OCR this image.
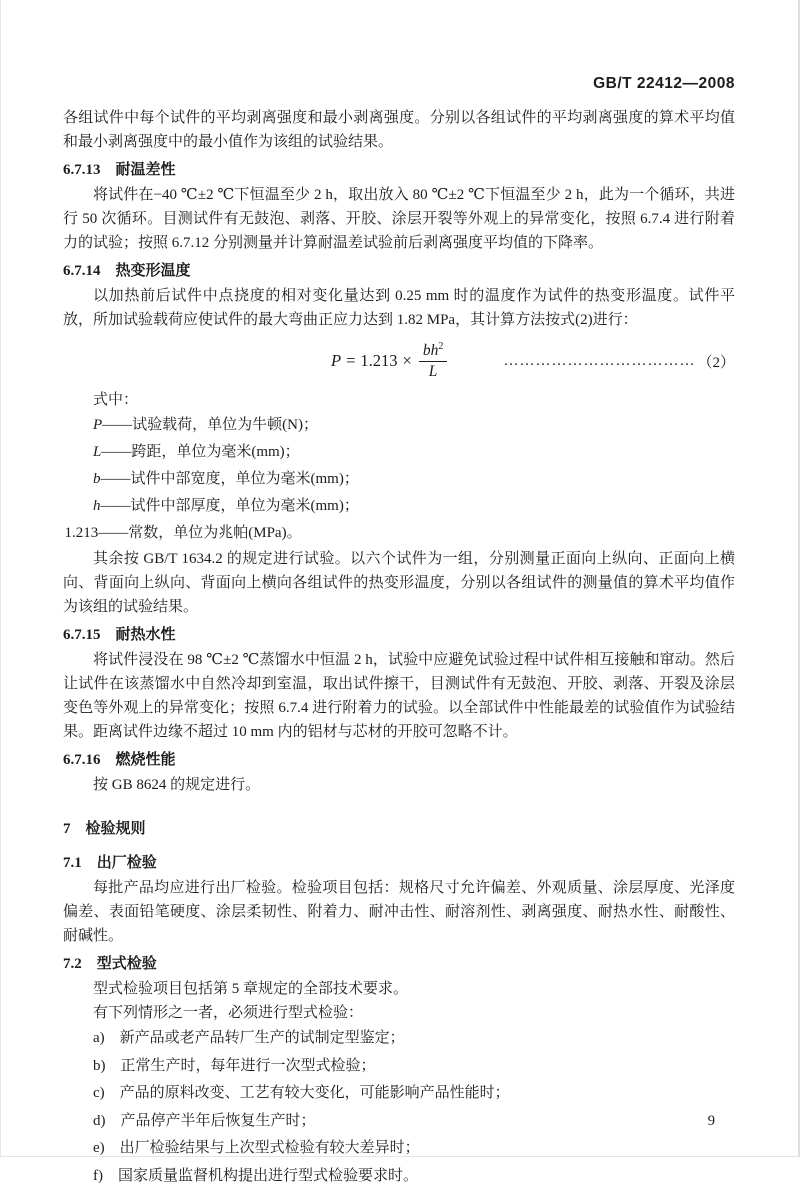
GB/T 22412—2008

各组试件中每个试件的平均剥离强度和最小剥离强度。分别以各组试件的平均剥离强度的算术平均值和最小剥离强度中的最小值作为该组的试验结果。

6.7.13　耐温差性

将试件在−40 ℃±2 ℃下恒温至少 2 h，取出放入 80 ℃±2 ℃下恒温至少 2 h，此为一个循环，共进行 50 次循环。目测试件有无鼓泡、剥落、开胶、涂层开裂等外观上的异常变化，按照 6.7.4 进行附着力的试验；按照 6.7.12 分别测量并计算耐温差试验前后剥离强度平均值的下降率。

6.7.14　热变形温度

以加热前后试件中点挠度的相对变化量达到 0.25 mm 时的温度作为试件的热变形温度。试件平放，所加试验载荷应使试件的最大弯曲正应力达到 1.82 MPa，其计算方法按式(2)进行：

$P = 1.213 \times \frac{bh^2}{L}$	……………………………… （2）

式中：

P——试验载荷，单位为牛顿(N)；

L——跨距，单位为毫米(mm)；

b——试件中部宽度，单位为毫米(mm)；

h——试件中部厚度，单位为毫米(mm)；

1.213——常数，单位为兆帕(MPa)。

其余按 GB/T 1634.2 的规定进行试验。以六个试件为一组，分别测量正面向上纵向、正面向上横向、背面向上纵向、背面向上横向各组试件的热变形温度，分别以各组试件的测量值的算术平均值作为该组的试验结果。

6.7.15　耐热水性

将试件浸没在 98 ℃±2 ℃蒸馏水中恒温 2 h，试验中应避免试验过程中试件相互接触和窜动。然后让试件在该蒸馏水中自然冷却到室温，取出试件擦干，目测试件有无鼓泡、开胶、剥落、开裂及涂层变色等外观上的异常变化；按照 6.7.4 进行附着力的试验。以全部试件中性能最差的试验值作为试验结果。距离试件边缘不超过 10 mm 内的铝材与芯材的开胶可忽略不计。

6.7.16　燃烧性能

按 GB 8624 的规定进行。

7　检验规则

7.1　出厂检验

每批产品均应进行出厂检验。检验项目包括：规格尺寸允许偏差、外观质量、涂层厚度、光泽度偏差、表面铅笔硬度、涂层柔韧性、附着力、耐冲击性、耐溶剂性、剥离强度、耐热水性、耐酸性、耐碱性。

7.2　型式检验

型式检验项目包括第 5 章规定的全部技术要求。

有下列情形之一者，必须进行型式检验：

a)　新产品或老产品转厂生产的试制定型鉴定；

b)　正常生产时，每年进行一次型式检验；

c)　产品的原料改变、工艺有较大变化，可能影响产品性能时；

d)　产品停产半年后恢复生产时；

e)　出厂检验结果与上次型式检验有较大差异时；

f)　国家质量监督机构提出进行型式检验要求时。

9
